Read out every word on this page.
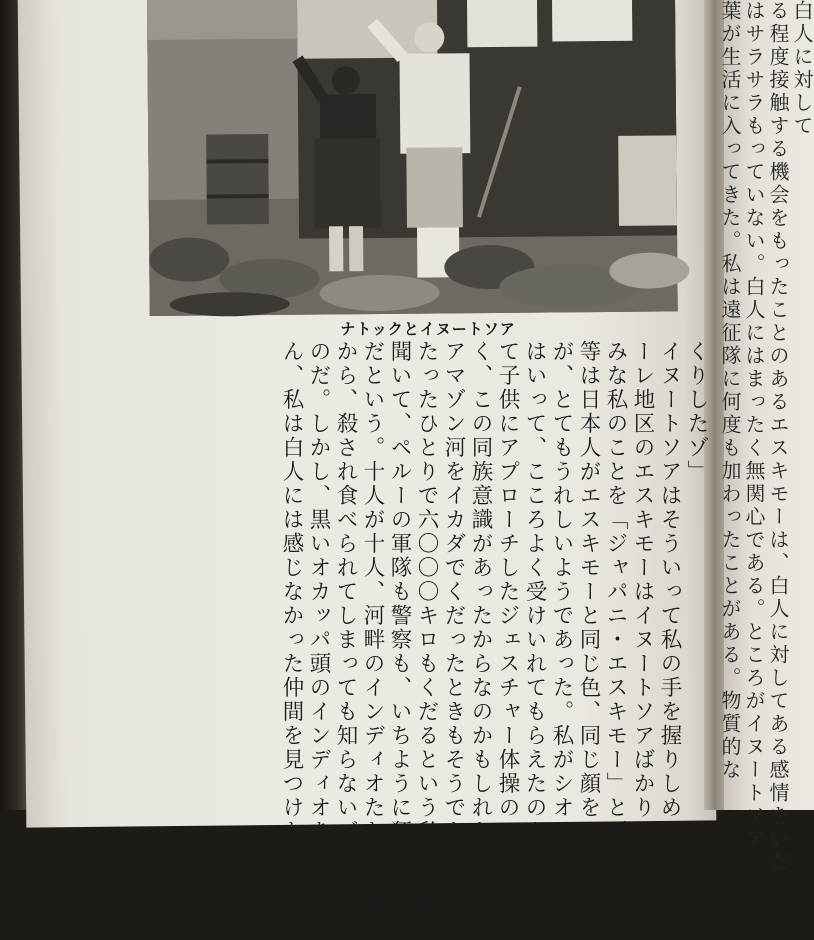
ナトックとイヌートソア
くりしたゾ」
イヌートソアはそういって私の手を握りしめた。チュ
ーレ地区のエスキモーはイヌートソアばかりではなく、
みな私のことを「ジャパニ・エスキモー」と呼んだ。彼
等は日本人がエスキモーと同じ色、同じ顔をしているの
が、とてもうれしいようであった。私がシオラパルクに
はいって、こころよく受けいれてもらえたのも、苦心し
て子供にアプローチしたジェスチャー体操のせいではな
く、この同族意識があったからなのかもしれない。
アマゾン河をイカダでくだったときもそうであった。
たったひとりで六〇〇〇キロもくだるという私の計画を
聞いて、ペルーの軍隊も警察も、いちように狂気の沙汰
だという。十人が十人、河畔のインディオたちは狂暴だ
から、殺され食べられてしまっても知らないゾとおどす
のだ。しかし、黒いオカッパ頭のインディオを見たと
ん、私は白人には感じなかった仲間を見つけたように思
白人に対して
る程度接触する機会をもったことのあるエスキモーは、白人に対してある感情をいだ
はサラサラもっていない。白人にはまったく無関心である。ところがイヌートソア
葉が生活に入ってきた。私は遠征隊に何度も加わったことがある。物質的な
